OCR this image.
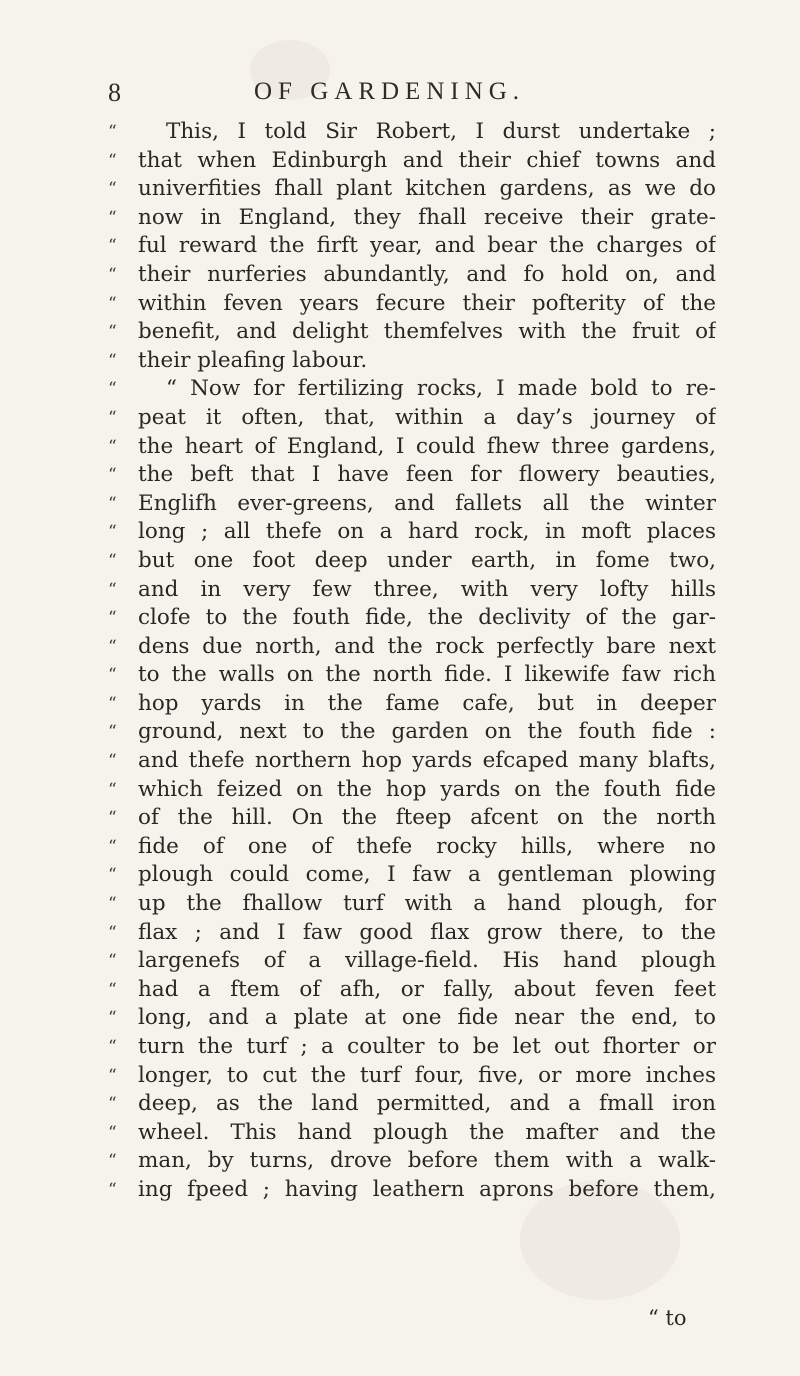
8	OF GARDENING.
“	This, I told Sir Robert, I durst undertake ;
“ that when Edinburgh and their chief towns and
“ univerfities fhall plant kitchen gardens, as we do
“ now in England, they fhall receive their grate-
“ ful reward the firft year, and bear the charges of
“ their nurferies abundantly, and fo hold on, and
“ within feven years fecure their pofterity of the
“ benefit, and delight themfelves with the fruit of
“ their pleafing labour.
“	“ Now for fertilizing rocks, I made bold to re-
“ peat it often, that, within a day’s journey of
“ the heart of England, I could fhew three gardens,
“ the beft that I have feen for flowery beauties,
“ Englifh ever-greens, and fallets all the winter
“ long ; all thefe on a hard rock, in moft places
“ but one foot deep under earth, in fome two,
“ and in very few three, with very lofty hills
“ clofe to the fouth fide, the declivity of the gar-
“ dens due north, and the rock perfectly bare next
“ to the walls on the north fide. I likewife faw rich
“ hop yards in the fame cafe, but in deeper
“ ground, next to the garden on the fouth fide :
“ and thefe northern hop yards efcaped many blafts,
“ which feized on the hop yards on the fouth fide
“ of the hill. On the fteep afcent on the north
“ fide of one of thefe rocky hills, where no
“ plough could come, I faw a gentleman plowing
“ up the fhallow turf with a hand plough, for
“ flax ; and I faw good flax grow there, to the
“ largenefs of a village-field. His hand plough
“ had a ftem of afh, or fally, about feven feet
“ long, and a plate at one fide near the end, to
“ turn the turf ; a coulter to be let out fhorter or
“ longer, to cut the turf four, five, or more inches
“ deep, as the land permitted, and a fmall iron
“ wheel. This hand plough the mafter and the
“ man, by turns, drove before them with a walk-
“ ing fpeed ; having leathern aprons before them,
“ to
